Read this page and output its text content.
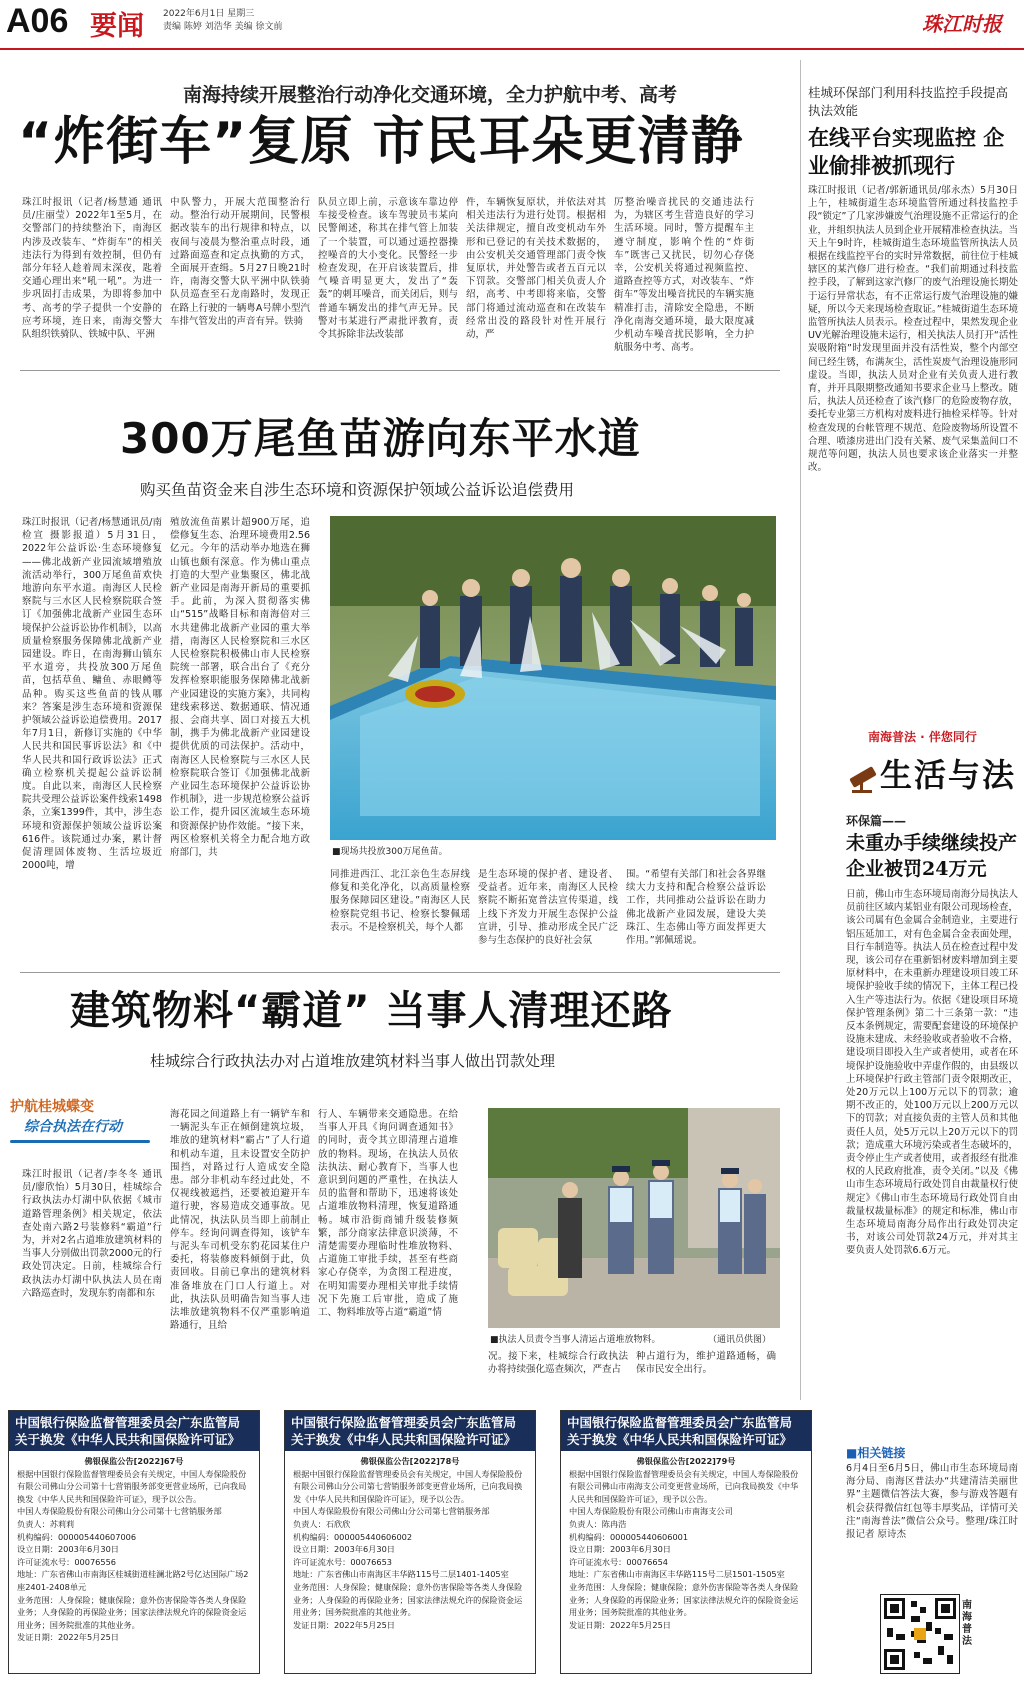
A06 要闻 2022年6月1日 星期三
责编 陈婷 刘浩华 美编 徐文前	珠江时报
南海持续开展整治行动净化交通环境，全力护航中考、高考
“炸街车”复原 市民耳朵更清静
珠江时报讯（记者/杨慧通 通讯员/庄丽莹）2022年1至5月，在交警部门的持续整治下，南海区内涉及改装车、“炸街车”的相关违法行为得到有效控制，但仍有部分年轻人趁着周末深夜，匙着交通心理出来“吼一吼”。为进一步巩固打击成果，为即将参加中考、高考的学子提供一个安静的应考环境，连日来，南海交警大队组织铁骑队、铁城中队、平洲
中队警力，开展大范围整治行动。整治行动开展期间，民警根据改装车的出行规律和特点，以夜间与凌晨为整治重点时段，通过路面巡查和定点执勤的方式，全面展开查缉。5月27日晚21时许，南海交警大队平洲中队铁骑队员巡查至石龙南路时，发现正在路上行驶的一辆粤A号牌小型汽车排气管发出的声音有异。铁骑
队员立即上前，示意该车靠边停车接受检查。该车驾驶员韦某向民警阐述，称其在排气管上加装了一个装置，可以通过遥控器操控噪音的大小变化。民警经一步检查发现，在开启该装置后，排气噪音明显更大，发出了“轰轰”的刺耳噪音，而关闭后，则与普通车辆发出的排气声无异。民警对韦某进行严肃批评教育，责令其拆除非法改装部
件，车辆恢复原状，并依法对其相关违法行为进行处罚。根据相关法律规定，擅自改变机动车外形和已登记的有关技术数据的，由公安机关交通管理部门责令恢复原状，并处警告或者五百元以下罚款。交警部门相关负责人介绍，高考、中考即将来临，交警部门将通过流动巡查和在改装车经常出没的路段针对性开展行动，严
厉整治噪音扰民的交通违法行为，为辖区考生营造良好的学习生活环境。同时，警方提醒车主遵守制度，影响个性的“炸街车”既害己又扰民，切勿心存侥幸，公安机关将通过视频监控、道路查控等方式，对改装车、“炸街车”等发出噪音扰民的车辆实施精准打击，清除安全隐患，不断净化南海交通环境，最大限度减少机动车噪音扰民影响，全力护航服务中考、高考。
桂城环保部门利用科技监控手段提高执法效能
在线平台实现监控 企业偷排被抓现行
珠江时报讯（记者/郭新通讯员/邬永杰）5月30日上午，桂城街道生态环境监管所通过科技监控手段“锁定”了几家涉嫌废气治理设施不正常运行的企业，并组织执法人员到企业开展精准检查执法。当天上午9时许，桂城街道生态环境监管所执法人员根据在线监控平台的实时异常数据，前往位于桂城辖区的某汽修厂进行检查。“我们前期通过科技监控手段，了解到这家汽修厂的废气治理设施长期处于运行异常状态，有不正常运行废气治理设施的嫌疑，所以今天来现场检查取证。”桂城街道生态环境监管所执法人员表示。检查过程中，果然发现企业UV光解治理设施未运行，相关执法人员打开“活性炭吸附箱”时发现里面并没有活性炭，整个内部空间已经生锈，布满灰尘，活性炭废气治理设施形同虚设。当即，执法人员对企业有关负责人进行教育，并开具限期整改通知书要求企业马上整改。随后，执法人员还检查了该汽修厂的危险废物存放，委托专业第三方机构对废料进行抽检采样等。针对检查发现的台帐管理不规范、危险废物场所设置不合理、喷漆房进出门没有关紧、废气采集盖间口不规范等问题，执法人员也要求该企业落实一并整改。
300万尾鱼苗游向东平水道
购买鱼苗资金来自涉生态环境和资源保护领域公益诉讼追偿费用
珠江时报讯（记者/杨慧通讯员/南检宣 摄影报道）5月31日，2022年公益诉讼·生态环境修复——佛北战新产业园流域增殖放流活动举行，300万尾鱼苗欢快地游向东平水道。南海区人民检察院与三水区人民检察院联合签订《加强佛北战新产业园生态环境保护公益诉讼协作机制》，以高质量检察服务保障佛北战新产业园建设。昨日，在南海狮山镇东平水道旁，共投放300万尾鱼苗，包括草鱼、鳙鱼、赤眼鳟等品种。购买这些鱼苗的钱从哪来？答案是涉生态环境和资源保护领域公益诉讼追偿费用。2017年7月1日，新修订实施的《中华人民共和国民事诉讼法》和《中华人民共和国行政诉讼法》正式确立检察机关提起公益诉讼制度。自此以来，南海区人民检察院共受理公益诉讼案件线索1498条，立案1399件，其中，涉生态环境和资源保护领域公益诉讼案616件。该院通过办案，累计督促清理固体废物、生活垃圾近2000吨，增
殖放流鱼苗累计超900万尾，追偿修复生态、治理环境费用2.56亿元。今年的活动举办地选在狮山镇也颇有深意。作为佛山重点打造的大型产业集聚区，佛北战新产业园是南海开新局的重要抓手。此前，为深入贯彻落实佛山“515”战略目标和南海倍对三水共建佛北战新产业园的重大举措，南海区人民检察院和三水区人民检察院积极佛山市人民检察院统一部署，联合出台了《充分发挥检察职能服务保障佛北战新产业园建设的实施方案》，共同构建线索移送、数据通联、情况通报、会商共享、固口对接五大机制，携手为佛北战新产业园建设提供优质的司法保护。活动中，南海区人民检察院与三水区人民检察院联合签订《加强佛北战新产业园生态环境保护公益诉讼协作机制》，进一步规范检察公益诉讼工作，提升园区流域生态环境和资源保护协作效能。“接下来，两区检察机关将全力配合地方政府部门，共	■现场共投放300万尾鱼苗。
同推进西江、北江亲色生态屏线修复和美化净化，以高质量检察服务保障园区建设。”南海区人民检察院党组书记、检察长黎佩瑶表示。不是检察机关，每个人都
是生态环境的保护者、建设者、受益者。近年来，南海区人民检察院不断拓宽普法宣传渠道，线上线下齐发力开展生态保护公益宣讲，引导、推动形成全民广泛参与生态保护的良好社会氛
围。“希望有关部门和社会各界继续大力支持和配合检察公益诉讼工作，共同推动公益诉讼在助力佛北战新产业园发展，建设大美珠江、生态佛山等方面发挥更大作用。”郭佩瑶说。
南海普法 · 伴您同行
生活与法
环保篇——
未重办手续继续投产 企业被罚24万元
日前，佛山市生态环境局南海分局执法人员前往区域内某铝业有限公司现场检查，该公司属有色金属合金制造业，主要进行铝压延加工，对有色金属合金表面处理，目行车制造等。执法人员在检查过程中发现，该公司存在重新铝材废料增加到主要原材料中，在未重新办理建设项目竣工环境保护验收手续的情况下，主体工程已投入生产等违法行为。依据《建设项目环境保护管理条例》第二十三条第一款：“违反本条例规定，需要配套建设的环境保护设施未建成、未经验收或者验收不合格，建设项目即投入生产或者使用，或者在环境保护设施验收中弄虚作假的，由县级以上环境保护行政主管部门责令限期改正，处20万元以上100万元以下的罚款；逾期不改正的，处100万元以上200万元以下的罚款；对直接负责的主管人员和其他责任人员，处5万元以上20万元以下的罚款；造成重大环境污染或者生态破坏的，责令停止生产或者使用，或者报经有批准权的人民政府批准，责令关闭。”以及《佛山市生态环境局行政处罚自由裁量权行使规定》《佛山市生态环境局行政处罚自由裁量权裁量标准》的规定和标准，佛山市生态环境局南海分局作出行政处罚决定书，对该公司处罚款24万元，并对其主要负责人处罚款6.6万元。
■相关链接
6月4日至6月5日，佛山市生态环境局南海分局、南海区普法办“共建清洁美丽世界”主题微信答法大赛，参与游戏答题有机会获得微信红包等丰厚奖品，详情可关注“南海普法”微信公众号。整理/珠江时报记者 原诗杰
南海普法
建筑物料“霸道” 当事人清理还路
桂城综合行政执法办对占道堆放建筑材料当事人做出罚款处理
护航桂城蝶变
综合执法在行动
珠江时报讯（记者/李冬冬 通讯员/廖欣怡）5月30日，桂城综合行政执法办灯湖中队依据《城市道路管理条例》相关规定，依法查处南六路2号装修料“霸道”行为，并对2名占道堆放建筑材料的当事人分别做出罚款2000元的行政处罚决定。日前，桂城综合行政执法办灯湖中队执法人员在南六路巡查时，发现东豹南都和东
海花园之间道路上有一辆铲车和一辆泥头车正在倾倒建筑垃圾，堆放的建筑材料“霸占”了人行道和机动车道，且未设置安全防护围挡，对路过行人造成安全隐患。部分非机动车经过此处，不仅视线被遮挡，还要被迫避开车道行驶，容易造成交通事故。见此情况，执法队员当即上前制止停车。经询问调查得知，该铲车与泥头车司机受东豹花园某住户委托，将装修废料倾倒于此，负责回收。目前已拿出的建筑材料准备堆放在门口人行道上。对此，执法队员明确告知当事人违法堆放建筑物料不仅严重影响道路通行，且给
行人、车辆带来交通隐患。在给当事人开具《询问调查通知书》的同时，责令其立即清理占道堆放的物料。现场，在执法人员依法执法、耐心教育下，当事人也意识到问题的严重性，在执法人员的监督和帮助下，迅速将该处占道堆放物料清理，恢复道路通畅。城市沿街商铺升级装修频繁，部分商家法律意识淡薄，不清楚需要办理临时性堆放物料、占道施工审批手续，甚至有些商家心存侥幸，为贪图工程进度，在明知需要办理相关审批手续情况下先施工后审批，造成了施工、物料堆放等占道“霸道”情
■执法人员责令当事人清运占道堆放物料。	（通讯员供图）
况。接下来，桂城综合行政执法办将持续强化巡查频次，严查占
种占道行为，维护道路通畅，确保市民安全出行。
中国银行保险监督管理委员会广东监管局
关于换发《中华人民共和国保险许可证》
佛银保监公告[2022]67号
根据中国银行保险监督管理委员会有关规定，中国人寿保险股份有限公司佛山分公司第十七营销服务部变更营业场所，已向我局换发《中华人民共和国保险许可证》，现予以公告。
中国人寿保险股份有限公司佛山分公司第十七营销服务部
负责人：苏莉莉
机构编码：000005440607006
设立日期：2003年6月30日
许可证流水号：00076556
地址：广东省佛山市南海区桂城街道桂澜北路2号亿达国际广场2座2401-2408单元
业务范围：人身保险；健康保险；意外伤害保险等各类人身保险业务；人身保险的再保险业务；国家法律法规允许的保险资金运用业务；国务院批准的其他业务。
发证日期：2022年5月25日
中国银行保险监督管理委员会广东监管局
关于换发《中华人民共和国保险许可证》
佛银保监公告[2022]78号
根据中国银行保险监督管理委员会有关规定，中国人寿保险股份有限公司佛山分公司第七营销服务部变更营业场所，已向我局换发《中华人民共和国保险许可证》，现予以公告。
中国人寿保险股份有限公司佛山分公司第七营销服务部
负责人：石欣欣
机构编码：000005440606002
设立日期：2003年6月30日
许可证流水号：00076653
地址：广东省佛山市南海区丰华路115号二层1401-1405室
业务范围：人身保险；健康保险；意外伤害保险等各类人身保险业务；人身保险的再保险业务；国家法律法规允许的保险资金运用业务；国务院批准的其他业务。
发证日期：2022年5月25日
中国银行保险监督管理委员会广东监管局
关于换发《中华人民共和国保险许可证》
佛银保监公告[2022]79号
根据中国银行保险监督管理委员会有关规定，中国人寿保险股份有限公司佛山市南海支公司变更营业场所，已向我局换发《中华人民共和国保险许可证》，现予以公告。
中国人寿保险股份有限公司佛山市南海支公司
负责人：陈冉浩
机构编码：000005440606001
设立日期：2003年6月30日
许可证流水号：00076654
地址：广东省佛山市南海区丰华路115号二层1501-1505室
业务范围：人身保险；健康保险；意外伤害保险等各类人身保险业务；人身保险的再保险业务；国家法律法规允许的保险资金运用业务；国务院批准的其他业务。
发证日期：2022年5月25日
